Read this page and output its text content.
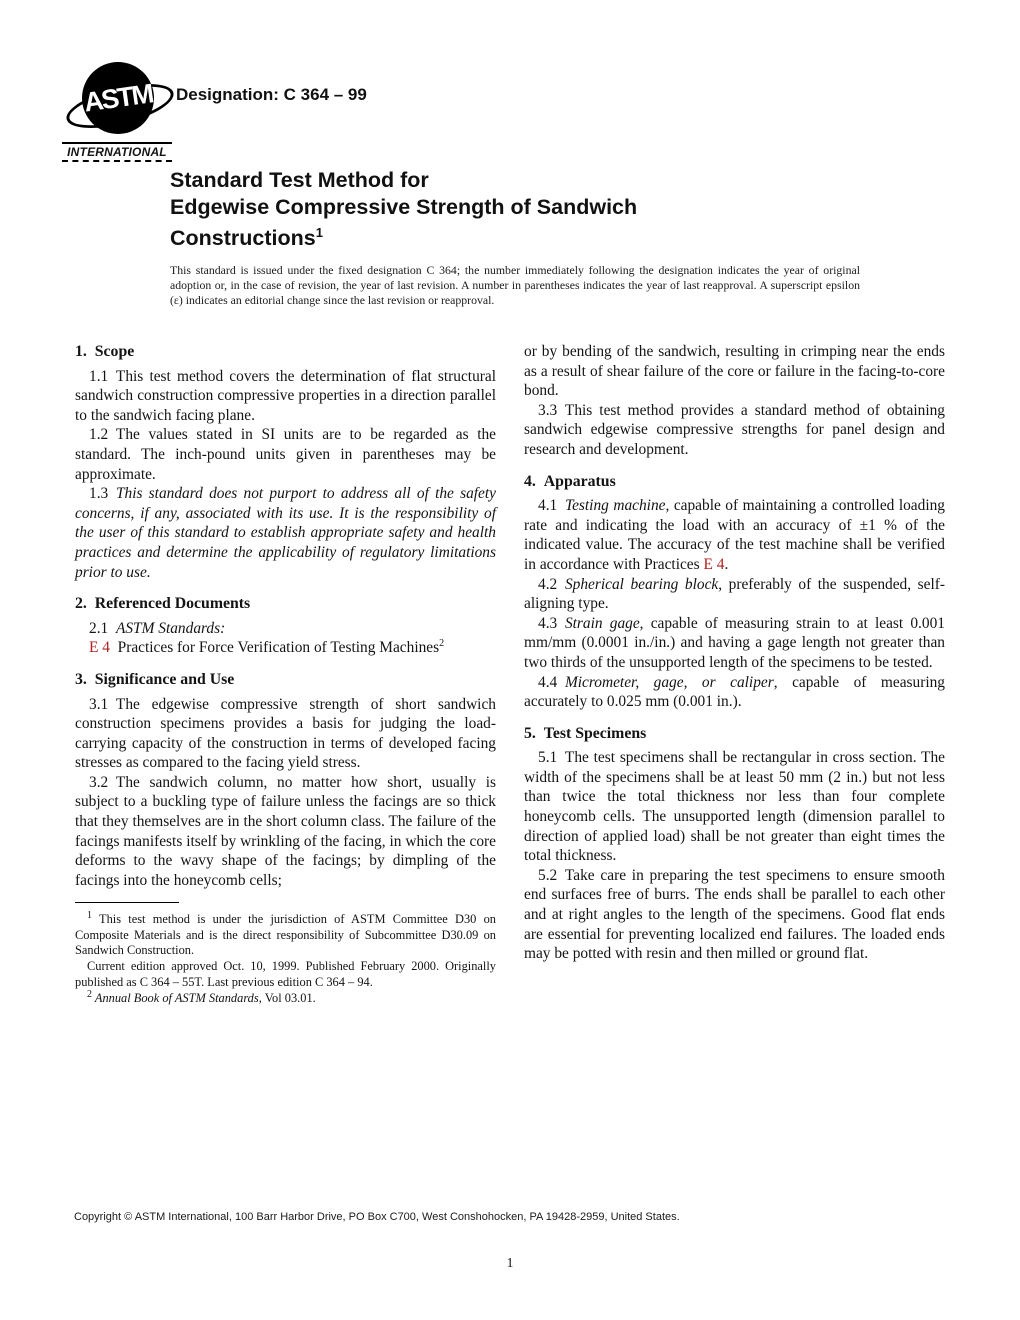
ASTM
INTERNATIONAL
Designation: C 364 – 99
Standard Test Method for
Edgewise Compressive Strength of Sandwich
Constructions$^1$
This standard is issued under the fixed designation C 364; the number immediately following the designation indicates the year of original adoption or, in the case of revision, the year of last revision. A number in parentheses indicates the year of last reapproval. A superscript epsilon (ε) indicates an editorial change since the last revision or reapproval.
1. Scope

1.1 This test method covers the determination of flat structural sandwich construction compressive properties in a direction parallel to the sandwich facing plane.

1.2 The values stated in SI units are to be regarded as the standard. The inch-pound units given in parentheses may be approximate.

1.3 This standard does not purport to address all of the safety concerns, if any, associated with its use. It is the responsibility of the user of this standard to establish appropriate safety and health practices and determine the applicability of regulatory limitations prior to use.

2. Referenced Documents

2.1 ASTM Standards:

E 4 Practices for Force Verification of Testing Machines$^2$

3. Significance and Use

3.1 The edgewise compressive strength of short sandwich construction specimens provides a basis for judging the load-carrying capacity of the construction in terms of developed facing stresses as compared to the facing yield stress.

3.2 The sandwich column, no matter how short, usually is subject to a buckling type of failure unless the facings are so thick that they themselves are in the short column class. The failure of the facings manifests itself by wrinkling of the facing, in which the core deforms to the wavy shape of the facings; by dimpling of the facings into the honeycomb cells;

or by bending of the sandwich, resulting in crimping near the ends as a result of shear failure of the core or failure in the facing-to-core bond.

3.3 This test method provides a standard method of obtaining sandwich edgewise compressive strengths for panel design and research and development.

4. Apparatus

4.1 Testing machine, capable of maintaining a controlled loading rate and indicating the load with an accuracy of ±1 % of the indicated value. The accuracy of the test machine shall be verified in accordance with Practices E 4.

4.2 Spherical bearing block, preferably of the suspended, self-aligning type.

4.3 Strain gage, capable of measuring strain to at least 0.001 mm/mm (0.0001 in./in.) and having a gage length not greater than two thirds of the unsupported length of the specimens to be tested.

4.4 Micrometer, gage, or caliper, capable of measuring accurately to 0.025 mm (0.001 in.).

5. Test Specimens

5.1 The test specimens shall be rectangular in cross section. The width of the specimens shall be at least 50 mm (2 in.) but not less than twice the total thickness nor less than four complete honeycomb cells. The unsupported length (dimension parallel to direction of applied load) shall be not greater than eight times the total thickness.

5.2 Take care in preparing the test specimens to ensure smooth end surfaces free of burrs. The ends shall be parallel to each other and at right angles to the length of the specimens. Good flat ends are essential for preventing localized end failures. The loaded ends may be potted with resin and then milled or ground flat.

$^1$ This test method is under the jurisdiction of ASTM Committee D30 on Composite Materials and is the direct responsibility of Subcommittee D30.09 on Sandwich Construction.

Current edition approved Oct. 10, 1999. Published February 2000. Originally published as C 364 – 55T. Last previous edition C 364 – 94.

$^2$ Annual Book of ASTM Standards, Vol 03.01.

Copyright © ASTM International, 100 Barr Harbor Drive, PO Box C700, West Conshohocken, PA 19428-2959, United States.
1
